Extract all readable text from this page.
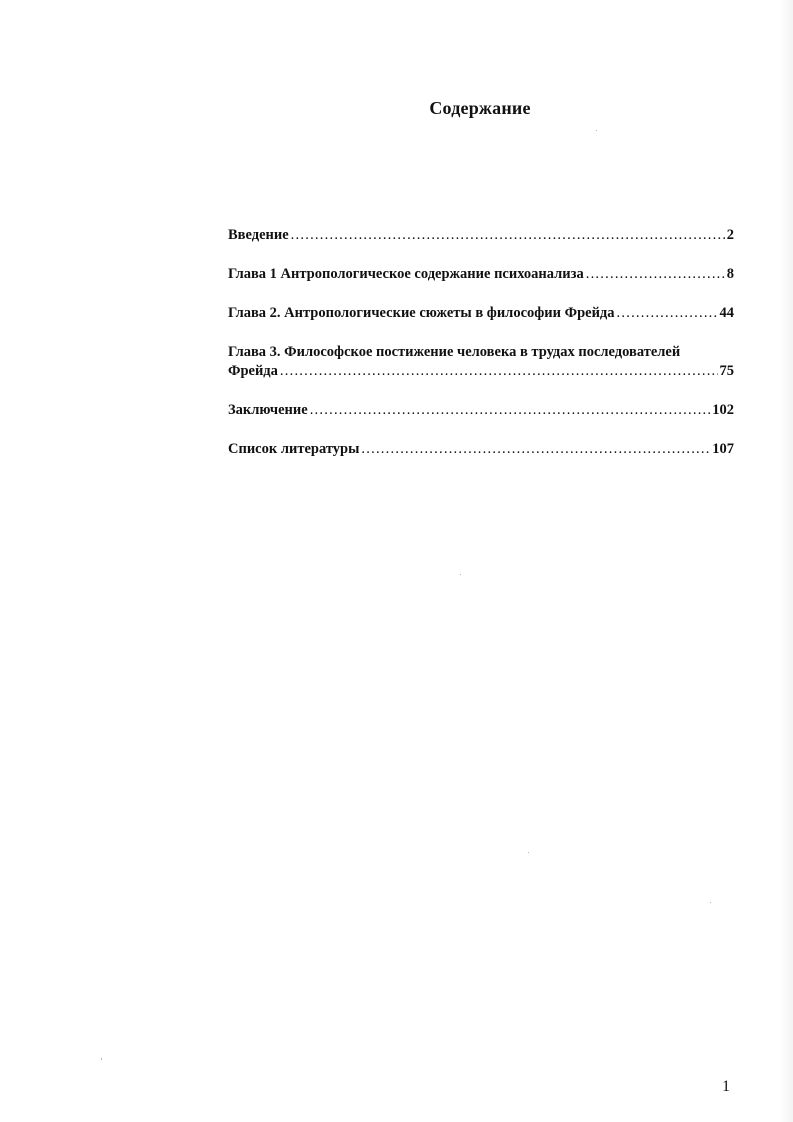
Содержание
Введение . . .	2
Глава 1 Антропологическое содержание психоанализа . . .	8
Глава 2. Антропологические сюжеты в философии Фрейда . . .	44
Глава 3. Философское постижение человека в трудах последователей
Фрейда . . .	75
Заключение . . .	102
Список литературы . . .	107
1
